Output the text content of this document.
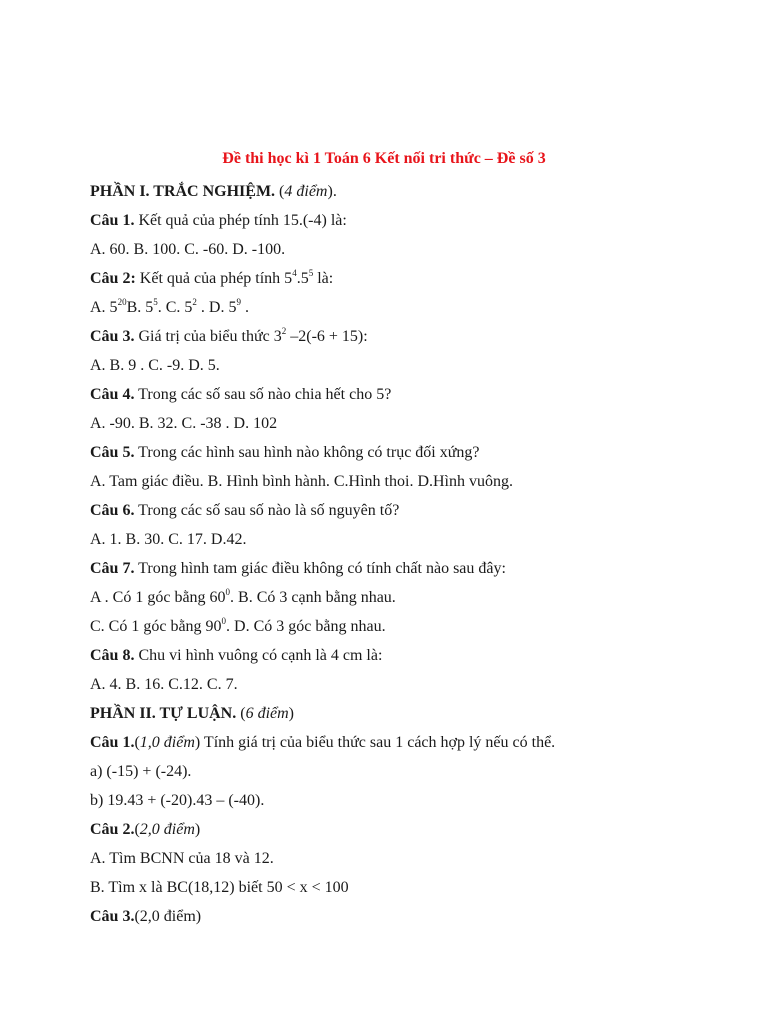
Đề thi học kì 1 Toán 6 Kết nối tri thức – Đề số 3
PHẦN I. TRẮC NGHIỆM. (4 điểm).
Câu 1. Kết quả của phép tính 15.(-4) là:
A. 60. B. 100. C. -60. D. -100.
Câu 2: Kết quả của phép tính $5^4.5^5$ là:
A. $5^{20}B$. $5^5$. C. $5^2$ . D. $5^9$ .
Câu 3. Giá trị của biểu thức $3^2$ –2(-6 + 15):
A. B. 9 . C. -9. D. 5.
Câu 4. Trong các số sau số nào chia hết cho 5?
A. -90. B. 32. C. -38 . D. 102
Câu 5. Trong các hình sau hình nào không có trục đối xứng?
A. Tam giác điều. B. Hình bình hành. C.Hình thoi. D.Hình vuông.
Câu 6. Trong các số sau số nào là số nguyên tố?
A. 1. B. 30. C. 17. D.42.
Câu 7. Trong hình tam giác điều không có tính chất nào sau đây:
A . Có 1 góc bằng $60^0$. B. Có 3 cạnh bằng nhau.
C. Có 1 góc bằng $90^0$. D. Có 3 góc bằng nhau.
Câu 8. Chu vi hình vuông có cạnh là 4 cm là:
A. 4. B. 16. C.12. C. 7.
PHẦN II. TỰ LUẬN. (6 điểm)
Câu 1.(1,0 điểm) Tính giá trị của biểu thức sau 1 cách hợp lý nếu có thể.
a) (-15) + (-24).
b) 19.43 + (-20).43 – (-40).
Câu 2.(2,0 điểm)
A. Tìm BCNN của 18 và 12.
B. Tìm x là BC(18,12) biết 50 < x < 100
Câu 3.(2,0 điểm)
